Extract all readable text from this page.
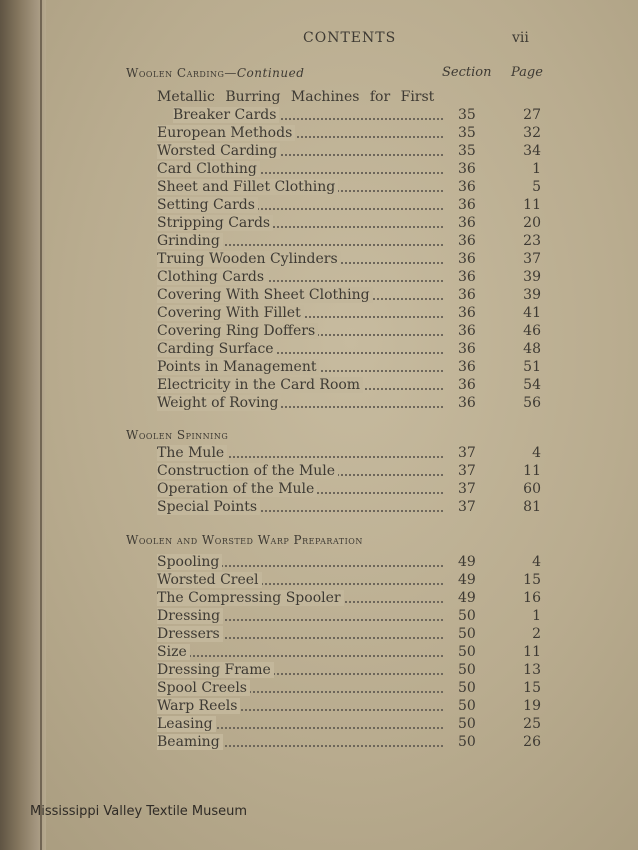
CONTENTS	vii
Section Page
Woolen Carding—Continued
Metallic Burring Machines for First
Breaker Cards	35	27
European Methods	35	32
Worsted Carding	35	34
Card Clothing	36	1
Sheet and Fillet Clothing	36	5
Setting Cards	36	11
Stripping Cards	36	20
Grinding	36	23
Truing Wooden Cylinders	36	37
Clothing Cards	36	39
Covering With Sheet Clothing	36	39
Covering With Fillet	36	41
Covering Ring Doffers	36	46
Carding Surface	36	48
Points in Management	36	51
Electricity in the Card Room	36	54
Weight of Roving	36	56
Woolen Spinning
The Mule	37	4
Construction of the Mule	37	11
Operation of the Mule	37	60
Special Points	37	81
Woolen and Worsted Warp Preparation
Spooling	49	4
Worsted Creel	49	15
The Compressing Spooler	49	16
Dressing	50	1
Dressers	50	2
Size	50	11
Dressing Frame	50	13
Spool Creels	50	15
Warp Reels	50	19
Leasing	50	25
Beaming	50	26
Mississippi Valley Textile Museum
